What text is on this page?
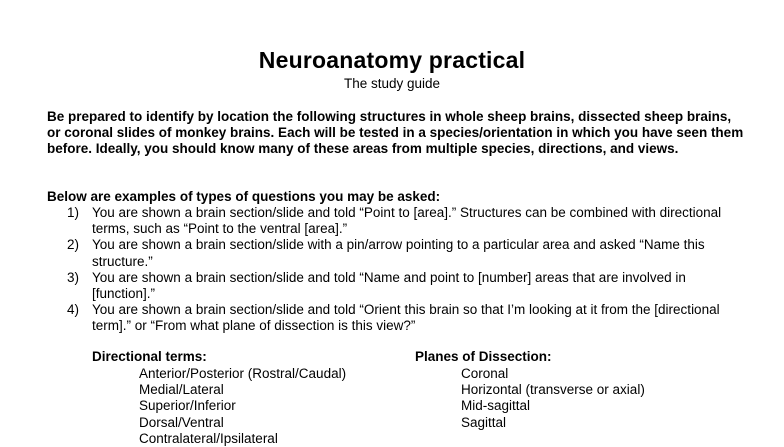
Neuroanatomy practical
The study guide
Be prepared to identify by location the following structures in whole sheep brains, dissected sheep brains, or coronal slides of monkey brains. Each will be tested in a species/orientation in which you have seen them before. Ideally, you should know many of these areas from multiple species, directions, and views.
Below are examples of types of questions you may be asked:
1) You are shown a brain section/slide and told “Point to [area].” Structures can be combined with directional terms, such as “Point to the ventral [area].”
2) You are shown a brain section/slide with a pin/arrow pointing to a particular area and asked “Name this structure.”
3) You are shown a brain section/slide and told “Name and point to [number] areas that are involved in [function].”
4) You are shown a brain section/slide and told “Orient this brain so that I’m looking at it from the [directional term].” or “From what plane of dissection is this view?”
Directional terms:
Anterior/Posterior (Rostral/Caudal)
Medial/Lateral
Superior/Inferior
Dorsal/Ventral
Contralateral/Ipsilateral
Planes of Dissection:
Coronal
Horizontal (transverse or axial)
Mid-sagittal
Sagittal
